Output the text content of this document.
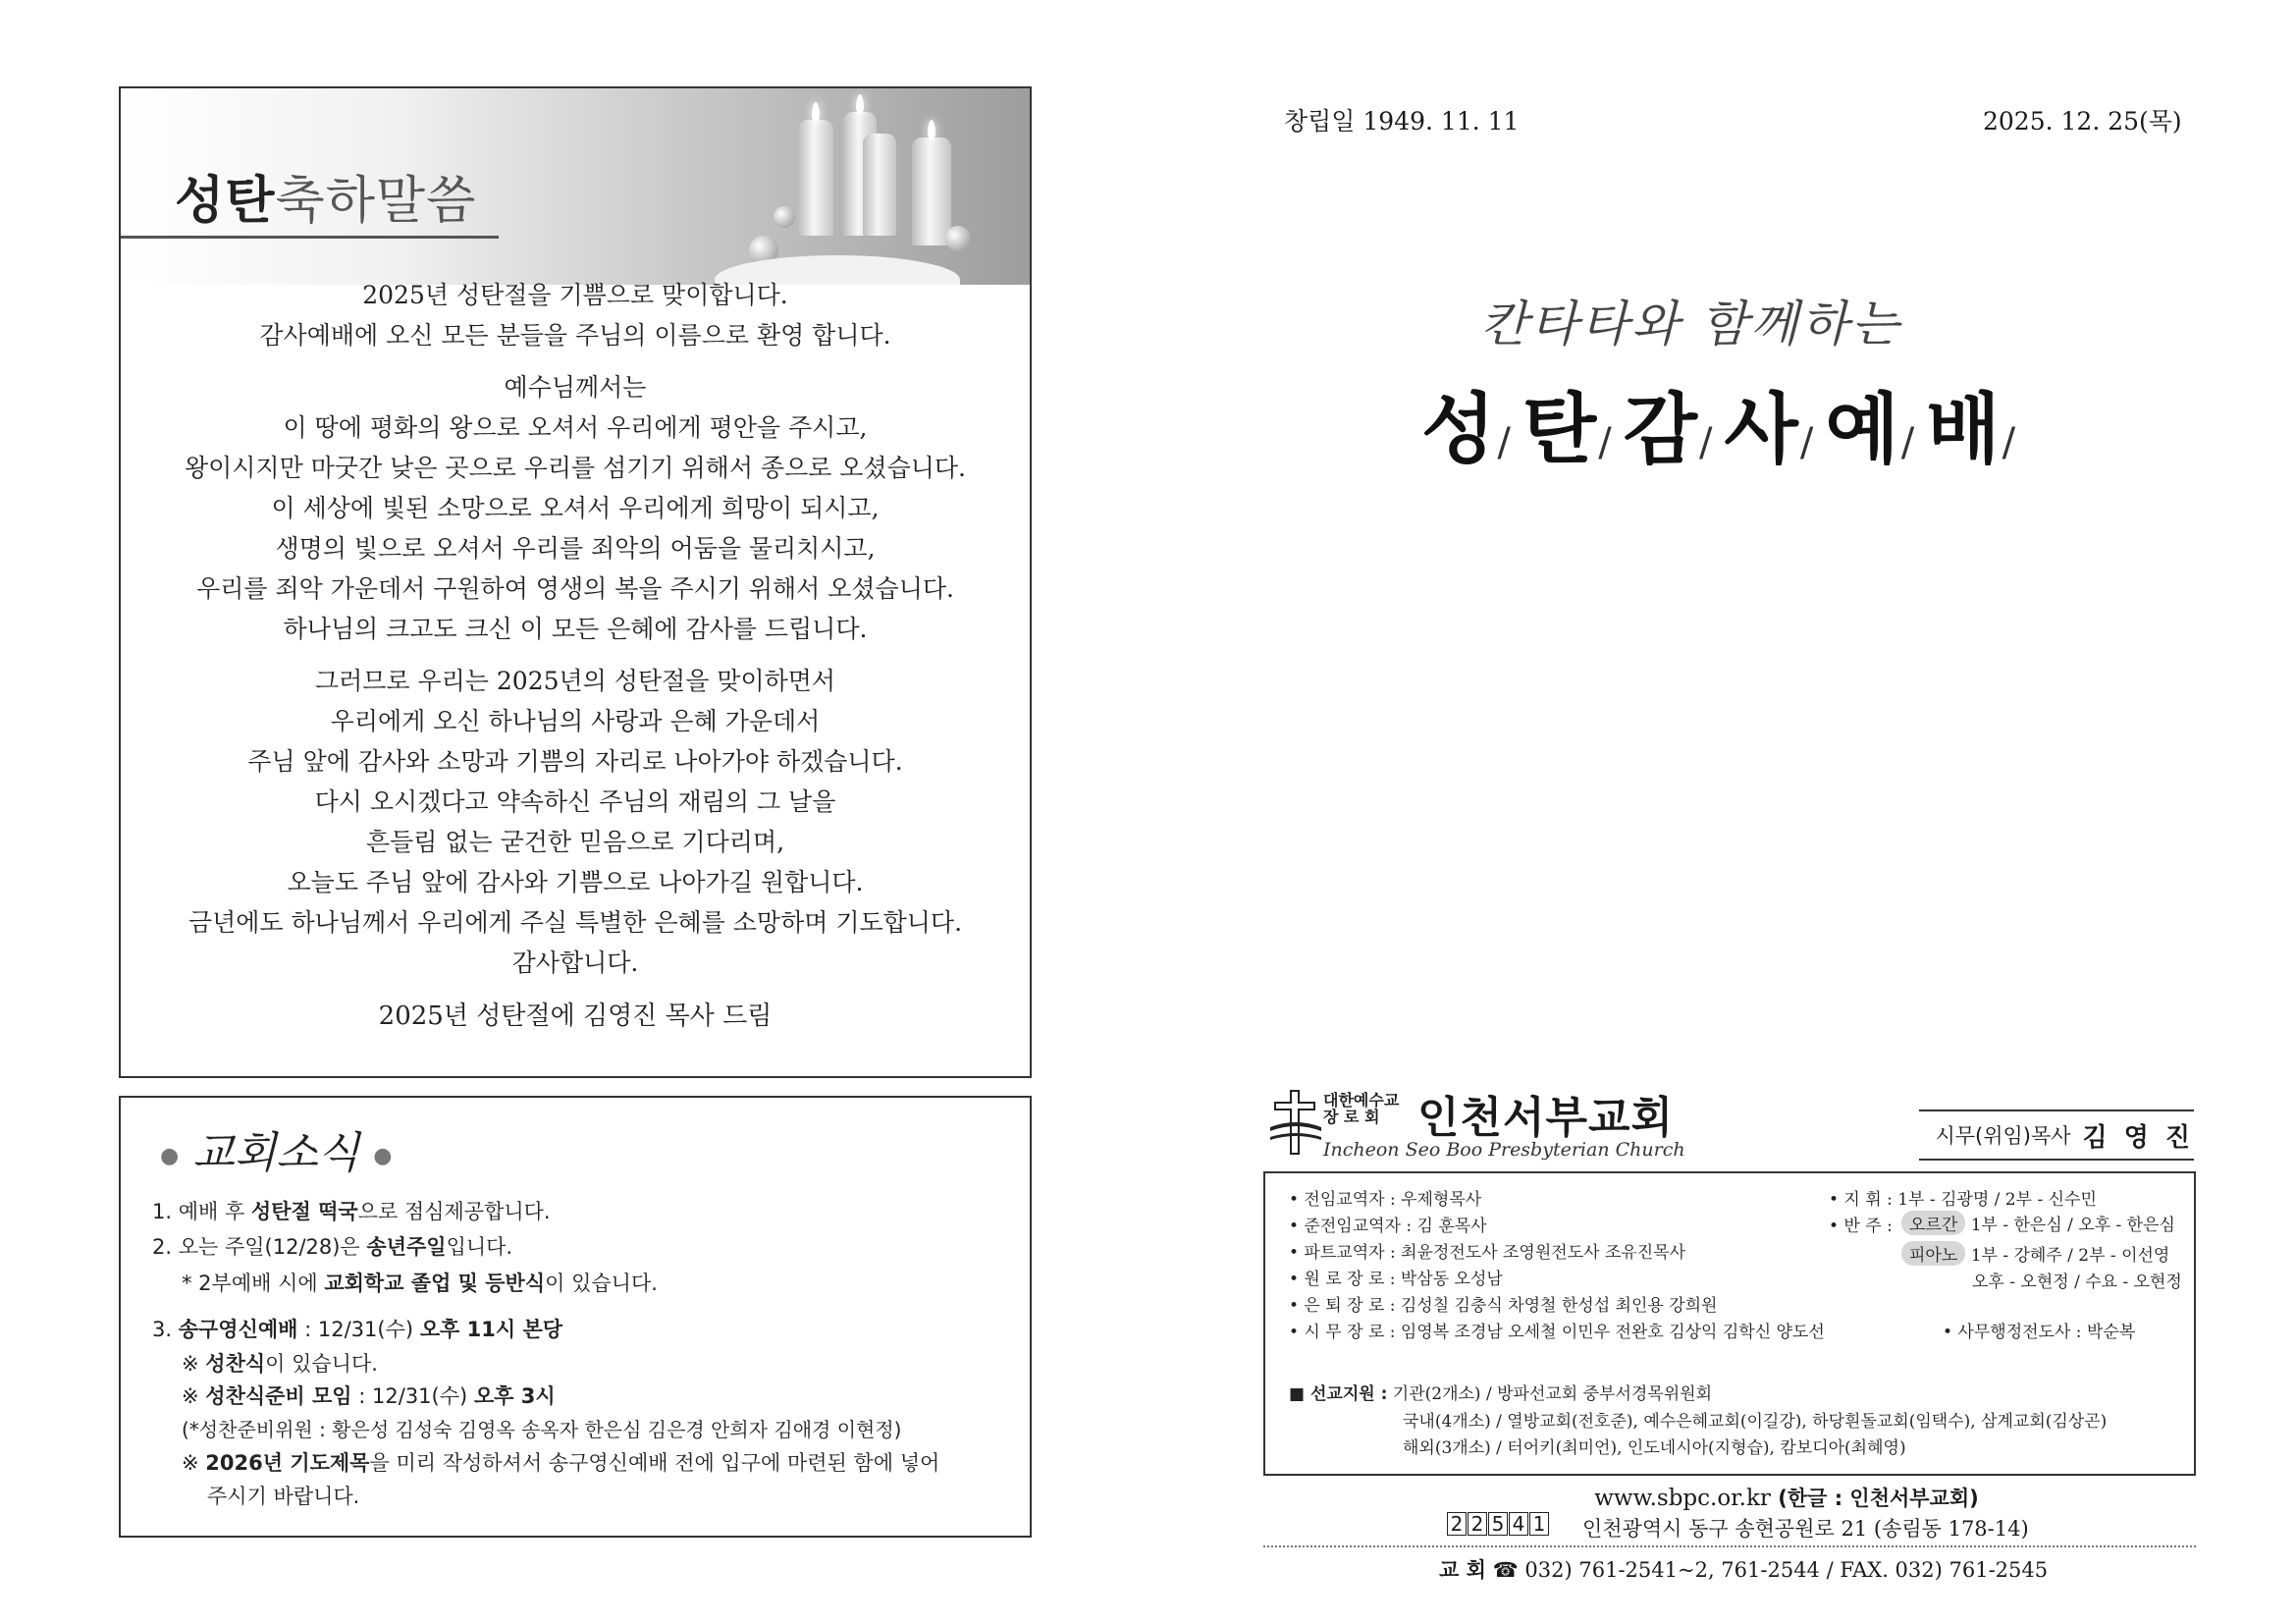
성탄축하말씀

2025년 성탄절을 기쁨으로 맞이합니다.

감사예배에 오신 모든 분들을 주님의 이름으로 환영 합니다.

예수님께서는

이 땅에 평화의 왕으로 오셔서 우리에게 평안을 주시고,

왕이시지만 마굿간 낮은 곳으로 우리를 섬기기 위해서 종으로 오셨습니다.

이 세상에 빛된 소망으로 오셔서 우리에게 희망이 되시고,

생명의 빛으로 오셔서 우리를 죄악의 어둠을 물리치시고,

우리를 죄악 가운데서 구원하여 영생의 복을 주시기 위해서 오셨습니다.

하나님의 크고도 크신 이 모든 은혜에 감사를 드립니다.

그러므로 우리는 2025년의 성탄절을 맞이하면서

우리에게 오신 하나님의 사랑과 은혜 가운데서

주님 앞에 감사와 소망과 기쁨의 자리로 나아가야 하겠습니다.

다시 오시겠다고 약속하신 주님의 재림의 그 날을

흔들림 없는 굳건한 믿음으로 기다리며,

오늘도 주님 앞에 감사와 기쁨으로 나아가길 원합니다.

금년에도 하나님께서 우리에게 주실 특별한 은혜를 소망하며 기도합니다.

감사합니다.

2025년 성탄절에 김영진 목사 드림

● 교회소식 ●
1. 예배 후 성탄절 떡국으로 점심제공합니다.
2. 오는 주일(12/28)은 송년주일입니다.
* 2부예배 시에 교회학교 졸업 및 등반식이 있습니다.
3. 송구영신예배 : 12/31(수) 오후 11시 본당
※ 성찬식이 있습니다.
※ 성찬식준비 모임 : 12/31(수) 오후 3시
(*성찬준비위원 : 황은성 김성숙 김영옥 송옥자 한은심 김은경 안희자 김애경 이현정)
※ 2026년 기도제목을 미리 작성하셔서 송구영신예배 전에 입구에 마련된 함에 넣어
주시기 바랍니다.
창립일 1949. 11. 11	2025. 12. 25(목)
칸타타와 함께하는
성/ 탄/ 감/ 사/ 예/ 배/
대한예수교
장 로 회 인천서부교회
Incheon Seo Boo Presbyterian Church
시무(위임)목사 김 영 진
• 전임교역자 : 우제형목사
• 준전임교역자 : 김 훈목사
• 파트교역자 : 최윤정전도사 조영원전도사 조유진목사
• 원 로 장 로 : 박삼동 오성남
• 은 퇴 장 로 : 김성칠 김충식 차영철 한성섭 최인용 강희원
• 시 무 장 로 : 임영복 조경남 오세철 이민우 전완호 김상익 김학신 양도선	• 사무행정전도사 : 박순복
• 지 휘 : 1부 - 김광명 / 2부 - 신수민
• 반 주 :	오르간 1부 - 한은심 / 오후 - 한은심
피아노 1부 - 강혜주 / 2부 - 이선영
오후 - 오현정 / 수요 - 오현정
■ 선교지원 : 기관(2개소) / 방파선교회 중부서경목위원회
국내(4개소) / 열방교회(전호준), 예수은혜교회(이길강), 하당흰돌교회(임택수), 삼계교회(김상곤)
해외(3개소) / 터어키(최미언), 인도네시아(지형습), 캄보디아(최혜영)
www.sbpc.or.kr (한글 : 인천서부교회)
2 2 5 4 1 인천광역시 동구 송현공원로 21 (송림동 178-14)
교 회 ☎ 032) 761-2541~2, 761-2544 / FAX. 032) 761-2545
